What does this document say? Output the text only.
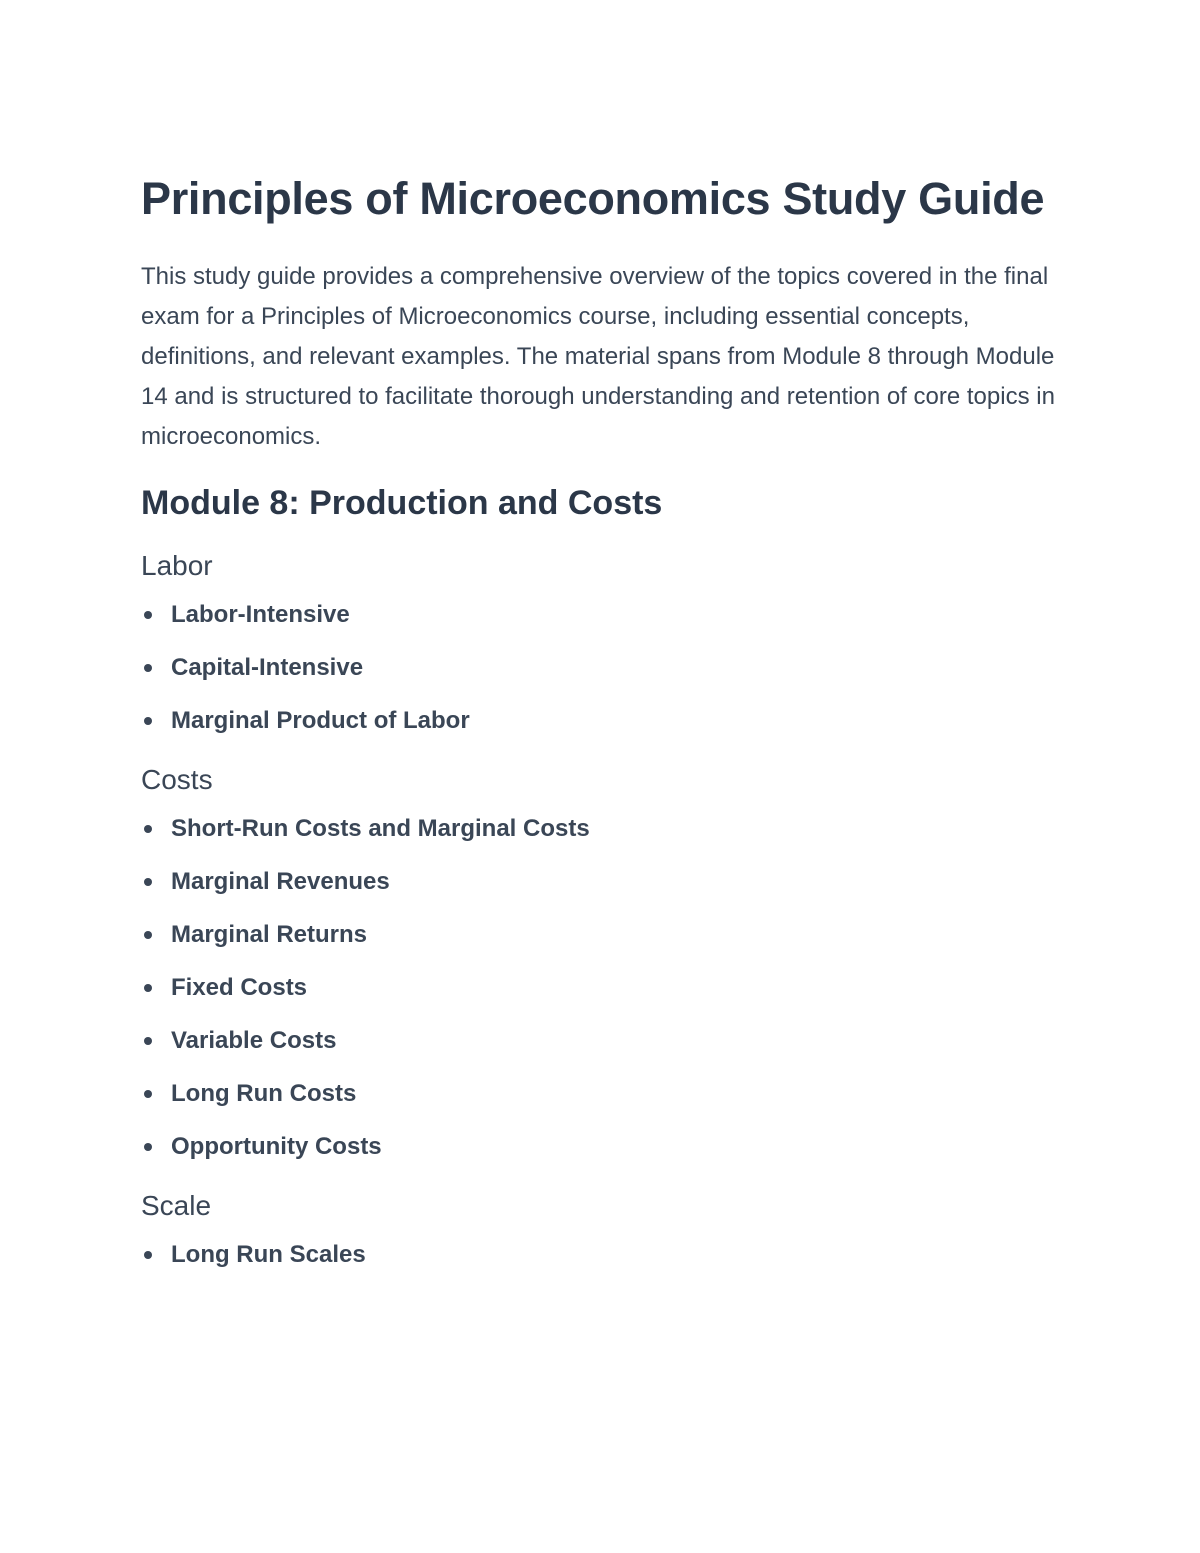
Principles of Microeconomics Study Guide

This study guide provides a comprehensive overview of the topics covered in the final exam for a Principles of Microeconomics course, including essential concepts, definitions, and relevant examples. The material spans from Module 8 through Module 14 and is structured to facilitate thorough understanding and retention of core topics in microeconomics.

Module 8: Production and Costs
Labor
Labor-Intensive
Capital-Intensive
Marginal Product of Labor
Costs
Short-Run Costs and Marginal Costs
Marginal Revenues
Marginal Returns
Fixed Costs
Variable Costs
Long Run Costs
Opportunity Costs
Scale
Long Run Scales
